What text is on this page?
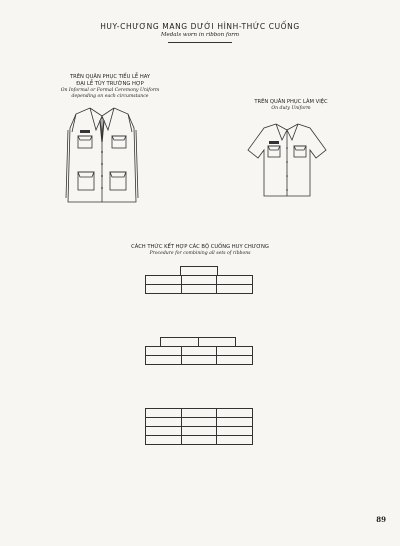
HUY-CHƯƠNG MANG DƯỚI HÌNH-THỨC CUỐNG
Medals worn in ribbon form
TRÊN QUÂN PHỤC TIỂU LỄ HAY
ĐẠI LỄ TÙY TRƯỜNG HỢP
On Informal or Formal Ceremony Uniform
depending on each circumstance
TRÊN QUÂN PHỤC LÀM VIỆC
On duty Uniform
CÁCH THỨC KẾT HỢP CÁC BỘ CUỐNG HUY CHƯƠNG
Procedure for combining all sets of ribbons

89
